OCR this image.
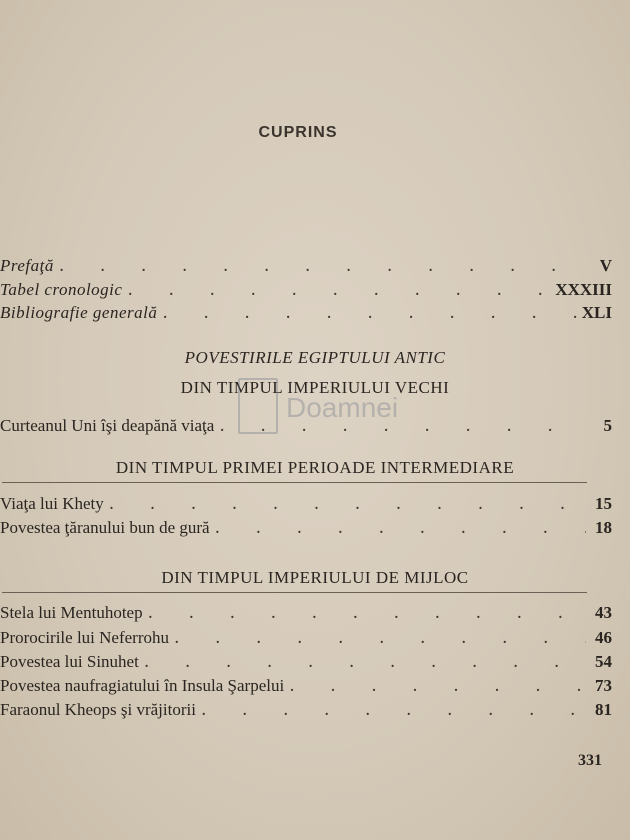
CUPRINS
Prefaţă . . .	V
Tabel cronologic . . .	XXXIII
Bibliografie generală . . .	XLI
POVESTIRILE EGIPTULUI ANTIC
DIN TIMPUL IMPERIULUI VECHI
Curteanul Uni îşi deapănă viaţa . . .	5
DIN TIMPUL PRIMEI PERIOADE INTERMEDIARE
Viaţa lui Khety . . .	15
Povestea ţăranului bun de gură . . .	18
DIN TIMPUL IMPERIULUI DE MIJLOC
Stela lui Mentuhotep . . .	43
Prorocirile lui Neferrohu . . .	46
Povestea lui Sinuhet . . .	54
Povestea naufragiatului în Insula Şarpelui . . .	73
Faraonul Kheops şi vrăjitorii . . .	81
331
Doamnei
